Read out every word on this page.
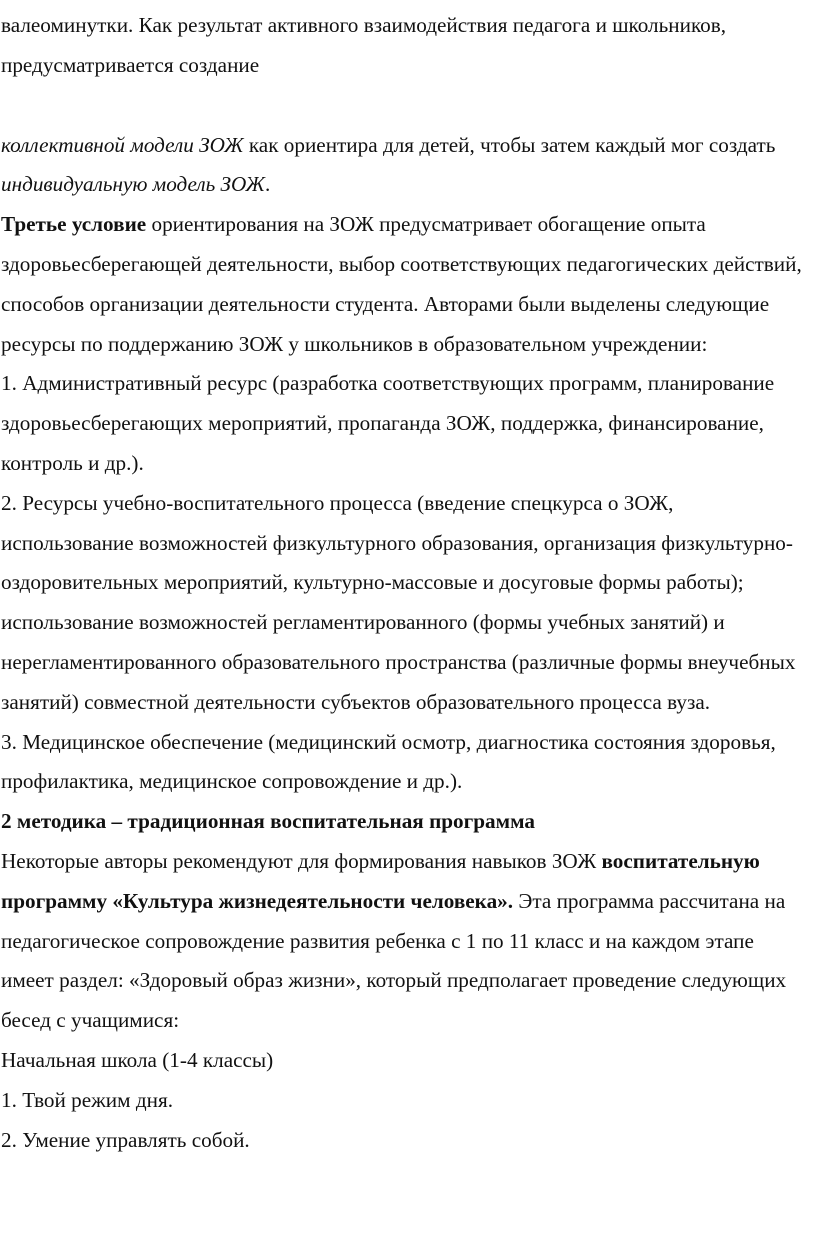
валеоминутки. Как результат активного взаимодействия педагога и школьников, предусматривается создание

коллективной модели ЗОЖ как ориентира для детей, чтобы затем каждый мог создать индивидуальную модель ЗОЖ.

Третье условие ориентирования на ЗОЖ предусматривает обогащение опыта здоровьесберегающей деятельности, выбор соответствующих педагогических действий, способов организации деятельности студента. Авторами были выделены следующие ресурсы по поддержанию ЗОЖ у школьников в образовательном учреждении:

1. Административный ресурс (разработка соответствующих программ, планирование здоровьесберегающих мероприятий, пропаганда ЗОЖ, поддержка, финансирование, контроль и др.).

2. Ресурсы учебно-воспитательного процесса (введение спецкурса о ЗОЖ, использование возможностей физкультурного образования, организация физкультурно-оздоровительных мероприятий, культурно-массовые и досуговые формы работы); использование возможностей регламентированного (формы учебных занятий) и нерегламентированного образовательного пространства (различные формы внеучебных занятий) совместной деятельности субъектов образовательного процесса вуза.

3. Медицинское обеспечение (медицинский осмотр, диагностика состояния здоровья, профилактика, медицинское сопровождение и др.).

2 методика – традиционная воспитательная программа

Некоторые авторы рекомендуют для формирования навыков ЗОЖ воспитательную программу «Культура жизнедеятельности человека». Эта программа рассчитана на педагогическое сопровождение развития ребенка с 1 по 11 класс и на каждом этапе имеет раздел: «Здоровый образ жизни», который предполагает проведение следующих бесед с учащимися:

Начальная школа (1-4 классы)

1. Твой режим дня.

2. Умение управлять собой.
